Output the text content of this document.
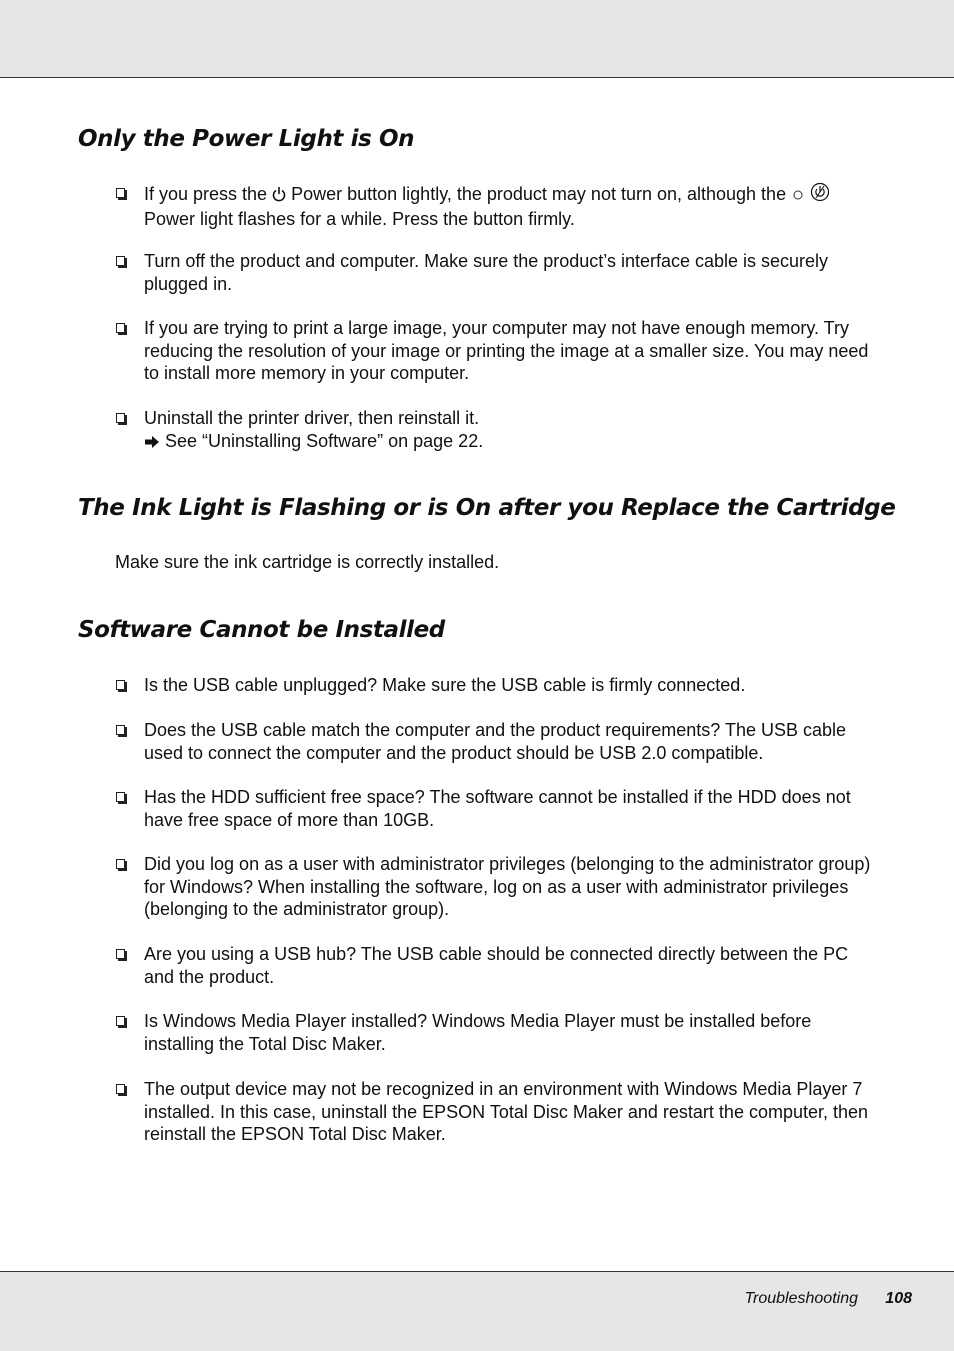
Only the Power Light is On
If you press the Power button lightly, the product may not turn on, although the
Power light flashes for a while. Press the button firmly.
Turn off the product and computer. Make sure the product’s interface cable is securely plugged in.
If you are trying to print a large image, your computer may not have enough memory. Try reducing the resolution of your image or printing the image at a smaller size. You may need to install more memory in your computer.
Uninstall the printer driver, then reinstall it.
See “Uninstalling Software” on page 22.
The Ink Light is Flashing or is On after you Replace the Cartridge
Make sure the ink cartridge is correctly installed.
Software Cannot be Installed
Is the USB cable unplugged? Make sure the USB cable is firmly connected.
Does the USB cable match the computer and the product requirements? The USB cable used to connect the computer and the product should be USB 2.0 compatible.
Has the HDD sufficient free space? The software cannot be installed if the HDD does not have free space of more than 10GB.
Did you log on as a user with administrator privileges (belonging to the administrator group) for Windows? When installing the software, log on as a user with administrator privileges (belonging to the administrator group).
Are you using a USB hub? The USB cable should be connected directly between the PC and the product.
Is Windows Media Player installed? Windows Media Player must be installed before installing the Total Disc Maker.
The output device may not be recognized in an environment with Windows Media Player 7 installed. In this case, uninstall the EPSON Total Disc Maker and restart the computer, then reinstall the EPSON Total Disc Maker.
Troubleshooting 108
